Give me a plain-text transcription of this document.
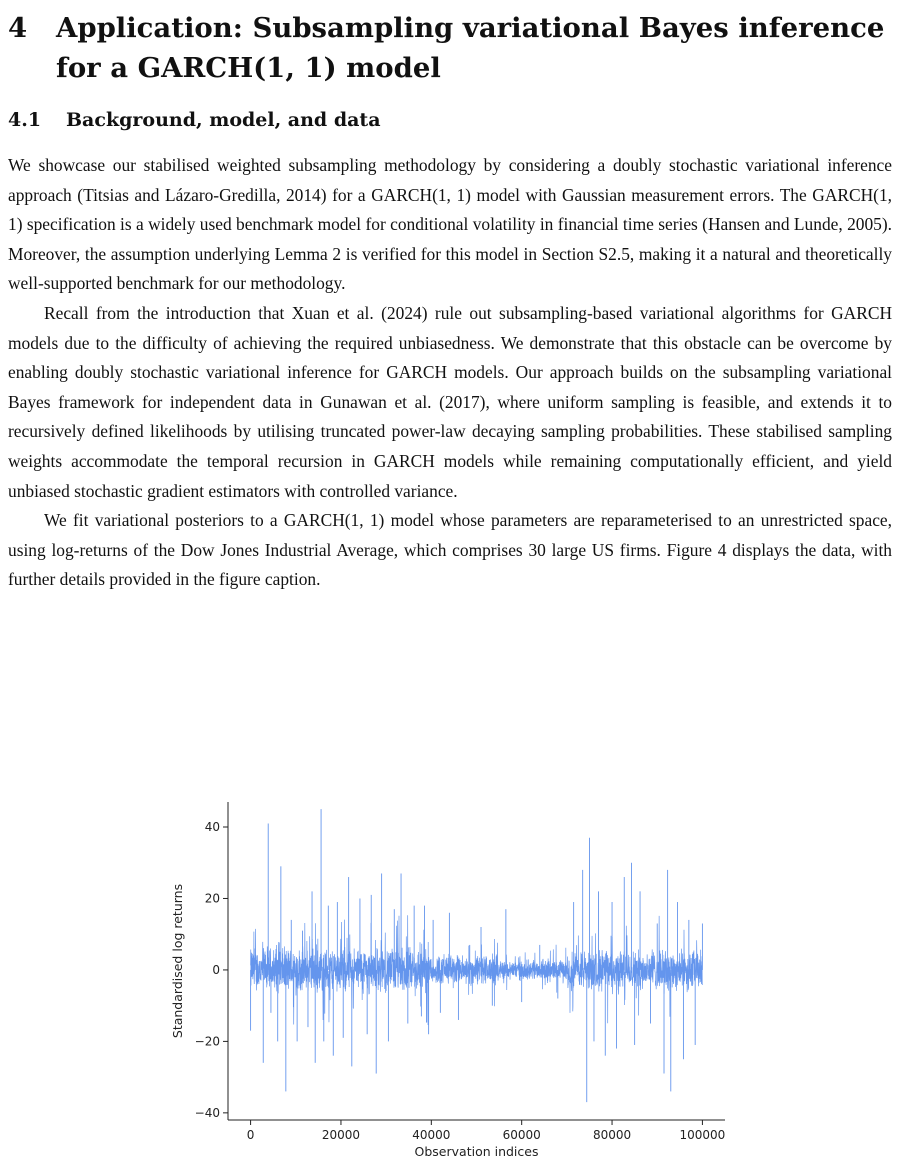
4	Application: Subsampling variational Bayes inference for a GARCH(1, 1) model
4.1	Background, model, and data

We showcase our stabilised weighted subsampling methodology by considering a doubly stochastic variational inference approach (Titsias and Lázaro-Gredilla, 2014) for a GARCH(1, 1) model with Gaussian measurement errors. The GARCH(1, 1) specification is a widely used benchmark model for conditional volatility in financial time series (Hansen and Lunde, 2005). Moreover, the assumption underlying Lemma 2 is verified for this model in Section S2.5, making it a natural and theoretically well-supported benchmark for our methodology.

Recall from the introduction that Xuan et al. (2024) rule out subsampling-based variational algorithms for GARCH models due to the difficulty of achieving the required unbiasedness. We demonstrate that this obstacle can be overcome by enabling doubly stochastic variational inference for GARCH models. Our approach builds on the subsampling variational Bayes framework for independent data in Gunawan et al. (2017), where uniform sampling is feasible, and extends it to recursively defined likelihoods by utilising truncated power-law decaying sampling probabilities. These stabilised sampling weights accommodate the temporal recursion in GARCH models while remaining computationally efficient, and yield unbiased stochastic gradient estimators with controlled variance.

We fit variational posteriors to a GARCH(1, 1) model whose parameters are reparameterised to an unrestricted space, using log-returns of the Dow Jones Industrial Average, which comprises 30 large US firms. Figure 4 displays the data, with further details provided in the figure caption.

−40
−20
0
20
40
0	20000	40000	60000	80000	100000
Standardised log returns
Observation indices
